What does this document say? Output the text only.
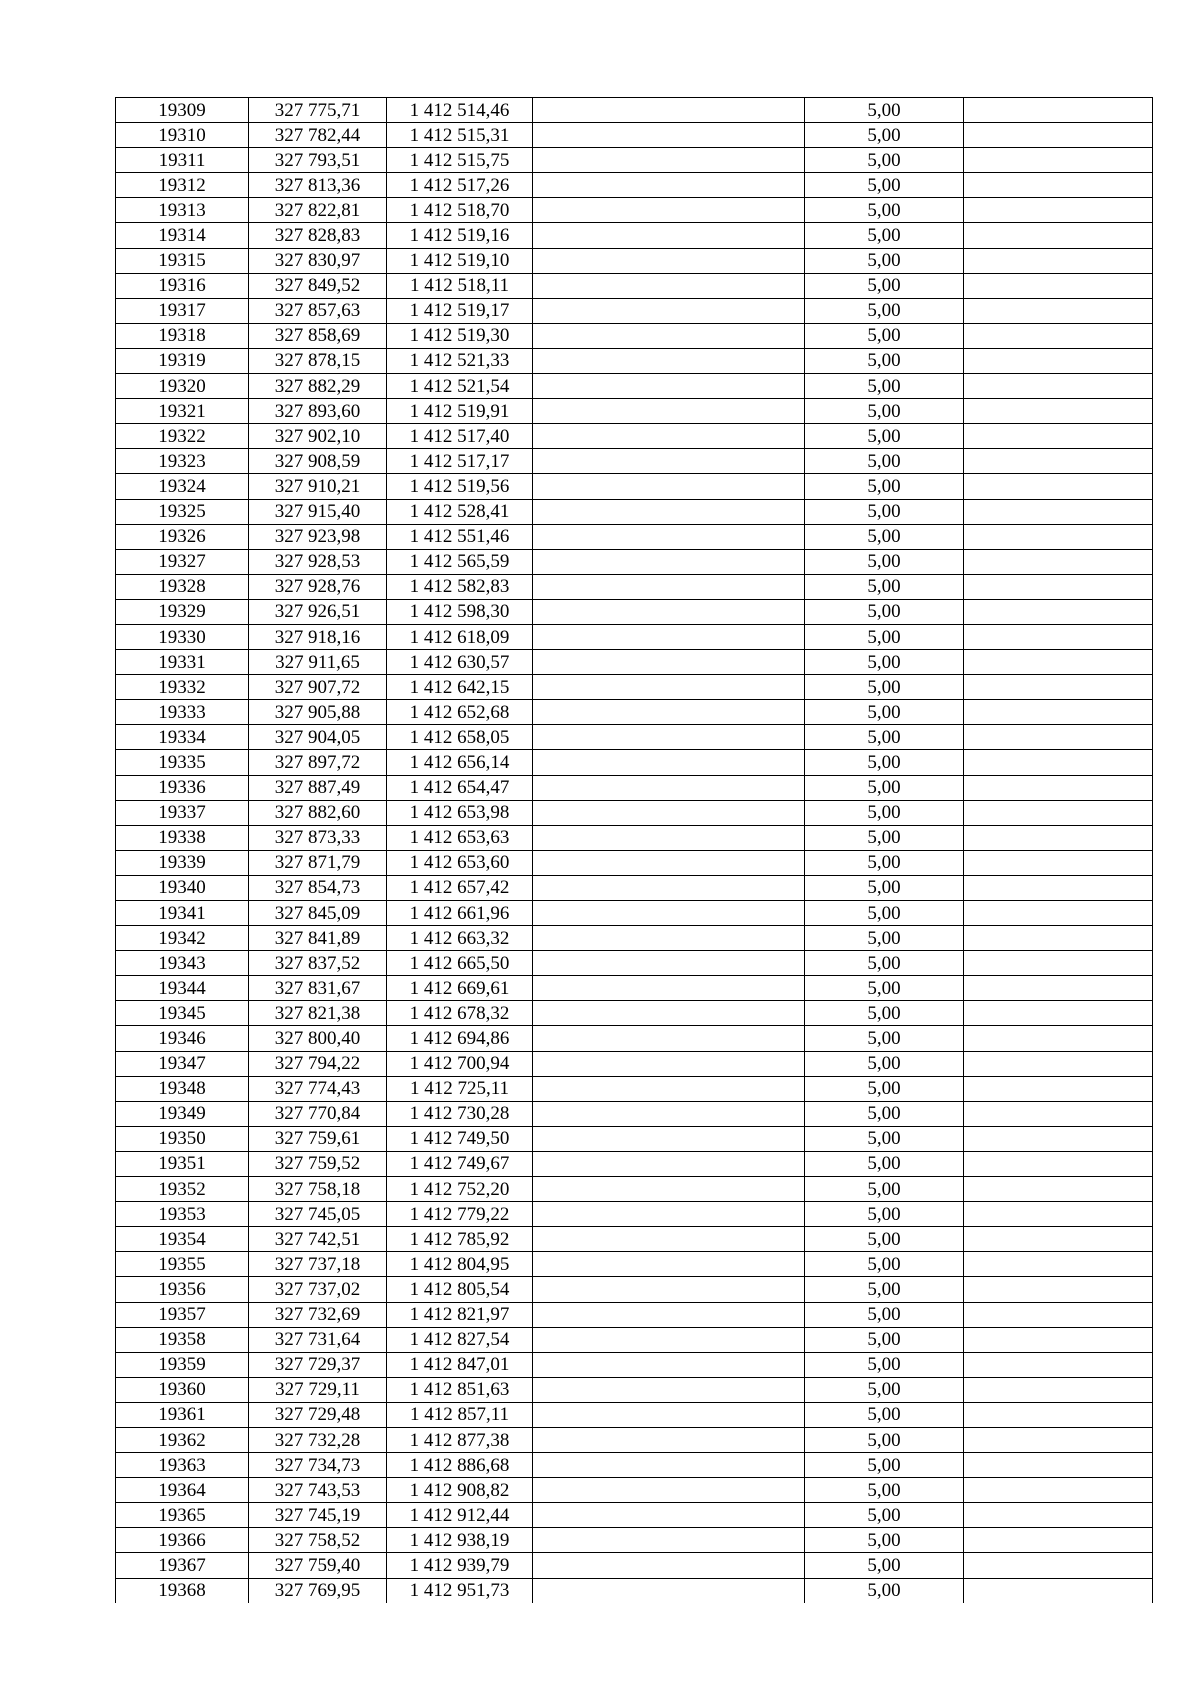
19309	327 775,71	1 412 514,46		5,00	
19310	327 782,44	1 412 515,31		5,00	
19311	327 793,51	1 412 515,75		5,00	
19312	327 813,36	1 412 517,26		5,00	
19313	327 822,81	1 412 518,70		5,00	
19314	327 828,83	1 412 519,16		5,00	
19315	327 830,97	1 412 519,10		5,00	
19316	327 849,52	1 412 518,11		5,00	
19317	327 857,63	1 412 519,17		5,00	
19318	327 858,69	1 412 519,30		5,00	
19319	327 878,15	1 412 521,33		5,00	
19320	327 882,29	1 412 521,54		5,00	
19321	327 893,60	1 412 519,91		5,00	
19322	327 902,10	1 412 517,40		5,00	
19323	327 908,59	1 412 517,17		5,00	
19324	327 910,21	1 412 519,56		5,00	
19325	327 915,40	1 412 528,41		5,00	
19326	327 923,98	1 412 551,46		5,00	
19327	327 928,53	1 412 565,59		5,00	
19328	327 928,76	1 412 582,83		5,00	
19329	327 926,51	1 412 598,30		5,00	
19330	327 918,16	1 412 618,09		5,00	
19331	327 911,65	1 412 630,57		5,00	
19332	327 907,72	1 412 642,15		5,00	
19333	327 905,88	1 412 652,68		5,00	
19334	327 904,05	1 412 658,05		5,00	
19335	327 897,72	1 412 656,14		5,00	
19336	327 887,49	1 412 654,47		5,00	
19337	327 882,60	1 412 653,98		5,00	
19338	327 873,33	1 412 653,63		5,00	
19339	327 871,79	1 412 653,60		5,00	
19340	327 854,73	1 412 657,42		5,00	
19341	327 845,09	1 412 661,96		5,00	
19342	327 841,89	1 412 663,32		5,00	
19343	327 837,52	1 412 665,50		5,00	
19344	327 831,67	1 412 669,61		5,00	
19345	327 821,38	1 412 678,32		5,00	
19346	327 800,40	1 412 694,86		5,00	
19347	327 794,22	1 412 700,94		5,00	
19348	327 774,43	1 412 725,11		5,00	
19349	327 770,84	1 412 730,28		5,00	
19350	327 759,61	1 412 749,50		5,00	
19351	327 759,52	1 412 749,67		5,00	
19352	327 758,18	1 412 752,20		5,00	
19353	327 745,05	1 412 779,22		5,00	
19354	327 742,51	1 412 785,92		5,00	
19355	327 737,18	1 412 804,95		5,00	
19356	327 737,02	1 412 805,54		5,00	
19357	327 732,69	1 412 821,97		5,00	
19358	327 731,64	1 412 827,54		5,00	
19359	327 729,37	1 412 847,01		5,00	
19360	327 729,11	1 412 851,63		5,00	
19361	327 729,48	1 412 857,11		5,00	
19362	327 732,28	1 412 877,38		5,00	
19363	327 734,73	1 412 886,68		5,00	
19364	327 743,53	1 412 908,82		5,00	
19365	327 745,19	1 412 912,44		5,00	
19366	327 758,52	1 412 938,19		5,00	
19367	327 759,40	1 412 939,79		5,00	
19368	327 769,95	1 412 951,73		5,00	
